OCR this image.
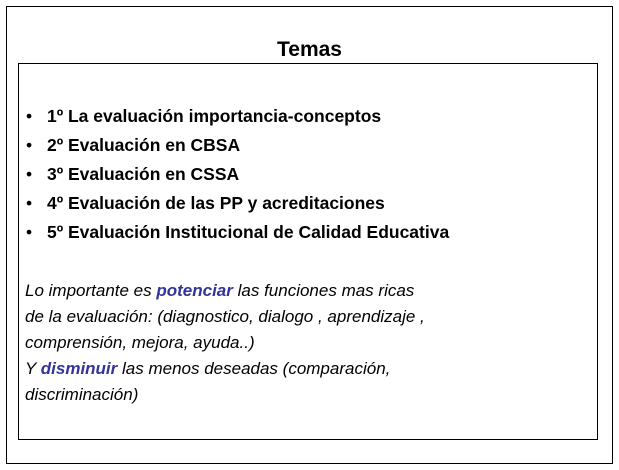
Temas
• 1º La evaluación importancia-conceptos
• 2º Evaluación en CBSA
• 3º Evaluación en CSSA
• 4º Evaluación de las PP y acreditaciones
• 5º Evaluación Institucional de Calidad Educativa
Lo importante es potenciar las funciones mas ricas
de la evaluación: (diagnostico, dialogo , aprendizaje ,
comprensión, mejora, ayuda..)
Y disminuir las menos deseadas (comparación,
discriminación)
